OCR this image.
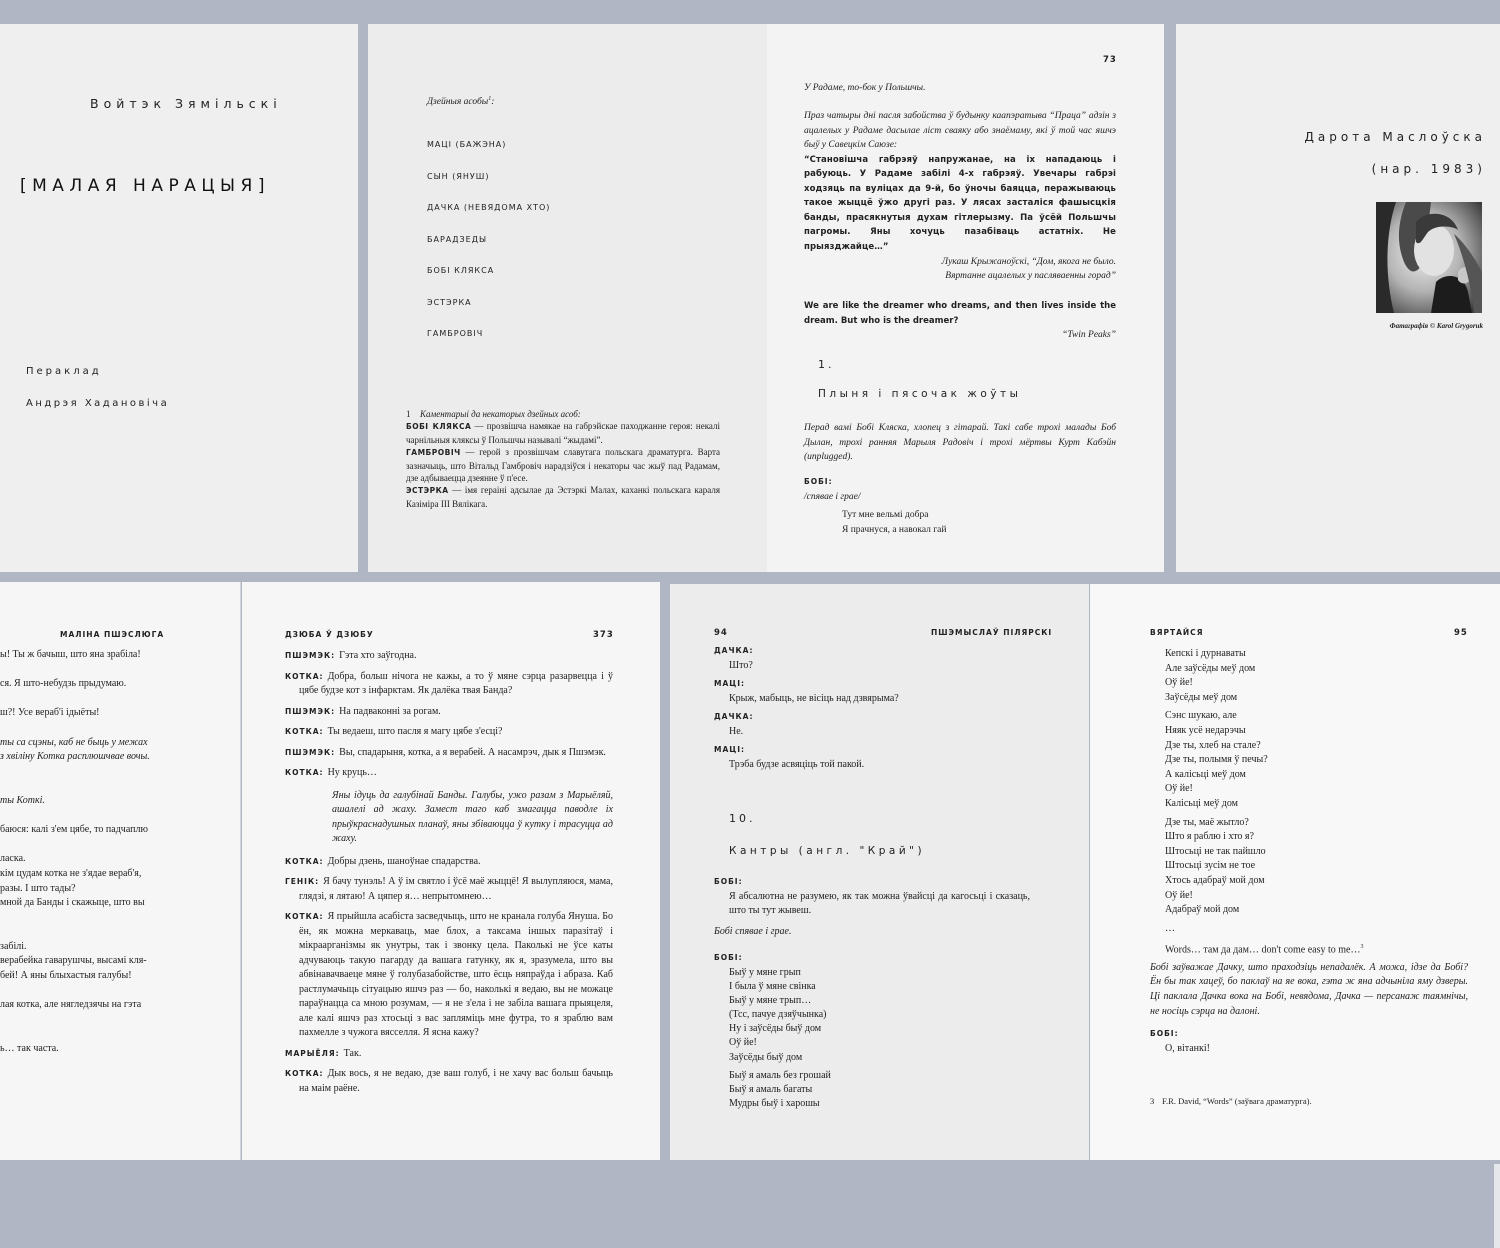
Войтэк Зямільскі
[МАЛАЯ НАРАЦЫЯ]
Пераклад
Андрэя Хадановіча
Дзейныя асобы$^1$:
МАЦІ (БАЖЭНА)
СЫН (ЯНУШ)
ДАЧКА (НЕВЯДОМА ХТО)
БАРАДЗЕДЫ
БОБІ КЛЯКСА
ЭСТЭРКА
ГАМБРОВІЧ
1 Каментарыі да некаторых дзейных асоб:
БОБІ КЛЯКСА — прозвішча намякае на габрэйскае паходжанне героя: некалі чарнільныя кляксы ў Польшчы называлі “жыдамі”.
ГАМБРОВІЧ — герой з прозвішчам славутага польскага драматурга. Варта зазначыць, што Вітальд Гамбровіч нарадзіўся і некаторы час жыў пад Радамам, дзе адбываецца дзеянне ў п'есе.
ЭСТЭРКА — імя гераіні адсылае да Эстэркі Малах, каханкі польскага караля Казіміра III Вялікага.
73
У Радаме, то-бок у Польшчы.
Праз чатыры дні пасля забойства ў будынку каапэратыва “Праца” адзін з ацалелых у Радаме дасылае ліст сваяку або знаёмаму, які ў той час яшчэ быў у Савецкім Саюзе:
“Становішча габрэяў напружанае, на іх нападаюць і рабуюць. У Радаме забілі 4-х габрэяў. Увечары габрэі ходзяць па вуліцах да 9-й, бо ўночы баяцца, перажываюць такое жыццё ўжо другі раз. У лясах засталіся фашысцкія банды, прасякнутыя духам гітлерызму. Па ўсёй Польшчы пагромы. Яны хочуць пазабіваць астатніх. Не прыязджайце…”
Лукаш Крыжаноўскі, “Дом, якога не было.
Вяртанне ацалелых у пасляваенны горад”
We are like the dreamer who dreams, and then lives inside the dream. But who is the dreamer?
“Twin Peaks”
1.
Плыня і пясочак жоўты
Перад вамі Бобі Кляска, хлопец з гітарай. Такі сабе трохі малады Боб Дылан, трохі ранняя Марыля Радовіч і трохі мёртвы Курт Кабэйн (unplugged).
БОБІ:
/спявае і грае/
Тут мне вельмі добра
Я прачнуся, а навокал гай
Дарота Маслоўска
(нар. 1983)
Фатаграфія © Karol Grygoruk
МАЛІНА ПШЭСЛЮГА
ы! Ты ж бачыш, што яна зрабіла!
ся. Я што-небудзь прыдумаю.
ш?! Усе вераб'і ідыёты!
ты са сцэны, каб не быць у межах
з хвіліну Котка расплюшчвае вочы.
ты Коткі.
баюся: калі з'ем цябе, то падчаплю
ласка.
кім цудам котка не з'ядае вераб'я,
разы. І што тады?
мной да Банды і скажыце, што вы
забілі.
верабейка гаварушчы, высамі кля-
бей! А яны блыхастыя галубы!
лая котка, але нягледзячы на гэта
ь… так часта.
ДЗЮБА Ў ДЗЮБУ	373
ПШЭМЭК: Гэта хто заўгодна.
КОТКА: Добра, больш нічога не кажы, а то ў мяне сэрца разарвецца і ў цябе будзе кот з інфарктам. Як далёка твая Банда?
ПШЭМЭК: На падваконні за рогам.
КОТКА: Ты ведаеш, што пасля я магу цябе з'есці?
ПШЭМЭК: Вы, спадарыня, котка, а я верабей. А насамрэч, дык я Пшэмэк.
КОТКА: Ну круць…
Яны ідуць да галубінай Банды. Галубы, ужо разам з Марыёляй, ашалелі ад жаху. Замест таго каб змагацца паводле іх прыўкраснадушных планаў, яны збіваюцца ў кутку і трасуцца ад жаху.
КОТКА: Добры дзень, шаноўнае спадарства.
ГЕНІК: Я бачу тунэль! А ў ім святло і ўсё маё жыццё! Я вылупляюся, мама, глядзі, я лятаю! А цяпер я… непрытомнею…
КОТКА: Я прыйшла асабіста засведчыць, што не кранала голуба Януша. Бо ён, як можна меркаваць, мае блох, а таксама іншых паразітаў і мікраарганізмы як унутры, так і звонку цела. Паколькі не ўсе каты адчуваюць такую пагарду да вашага гатунку, як я, зразумела, што вы абвінавачваеце мяне ў голубазабойстве, што ёсць няпраўда і абраза. Каб растлумачыць сітуацыю яшчэ раз — бо, наколькі я ведаю, вы не можаце параўнацца са мною розумам, — я не з'ела і не забіла вашага прыяцеля, але калі яшчэ раз хтосьці з вас запляміць мне футра, то я зраблю вам пахмелле з чужога вясселля. Я ясна кажу?
МАРЫЁЛЯ: Так.
КОТКА: Дык вось, я не ведаю, дзе ваш голуб, і не хачу вас больш бачыць на маім раёне.
94	ПШЭМЫСЛАЎ ПІЛЯРСКІ
ДАЧКА:
Што?
МАЦІ:
Крыж, мабыць, не вісіць над дзвярыма?
ДАЧКА:
Не.
МАЦІ:
Трэба будзе асвяціць той пакой.
10.
Кантры (англ. "Край")
БОБІ:
Я абсалютна не разумею, як так можна ўвайсці да кагосьці і сказаць, што ты тут жывеш.
Бобі спявае і грае.
БОБІ:
Быў у мяне грып
І была ў мяне свінка
Быў у мяне трып…
(Тсс, пачуе дзяўчынка)
Ну і заўсёды быў дом
Оў йе!
Заўсёды быў дом
Быў я амаль без грошай
Быў я амаль багаты
Мудры быў і харошы
ВЯРТАЙСЯ	95
Кепскі і дурнаваты
Але заўсёды меў дом
Оў йе!
Заўсёды меў дом
Сэнс шукаю, але
Няяк усё недарэчы
Дзе ты, хлеб на стале?
Дзе ты, полымя ў печы?
А калісьці меў дом
Оў йе!
Калісьці меў дом
Дзе ты, маё жытло?
Што я раблю і хто я?
Штосьці не так пайшло
Штосьці зусім не тое
Хтось адабраў мой дом
Оў йе!
Адабраў мой дом
…
Words… там да дам… don't come easy to me…$^3$
Бобі заўважае Дачку, што праходзіць непадалёк. А можа, ідзе да Бобі? Ён бы так хацеў, бо паклаў на яе вока, гэта ж яна адчыніла яму дзверы. Ці паклала Дачка вока на Бобі, невядома, Дачка — персанаж таямнічы, не носіць сэрца на далоні.
БОБІ:
О, вітанкі!
3 F.R. David, “Words” (заўвага драматурга).
